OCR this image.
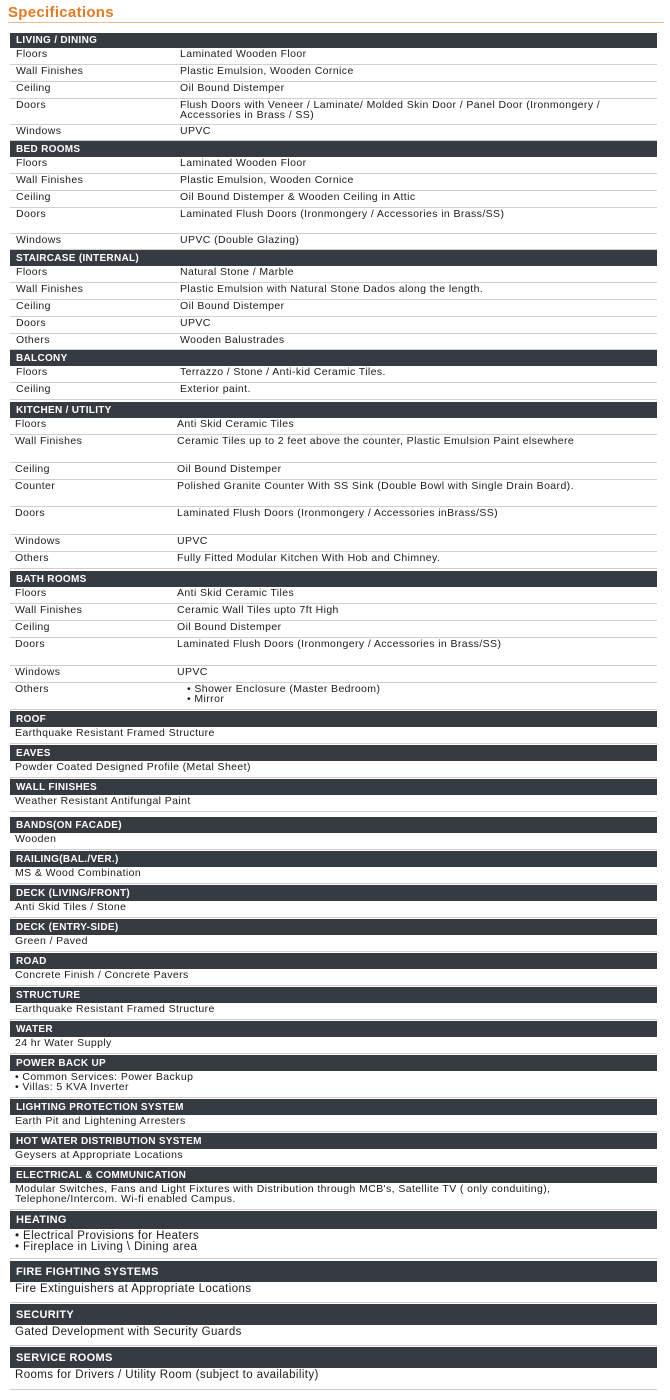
Specifications
LIVING / DINING
Floors	Laminated Wooden Floor
Wall Finishes	Plastic Emulsion, Wooden Cornice
Ceiling	Oil Bound Distemper
Doors	Flush Doors with Veneer / Laminate/ Molded Skin Door / Panel Door (Ironmongery / Accessories in Brass / SS)
Windows	UPVC
BED ROOMS
Floors	Laminated Wooden Floor
Wall Finishes	Plastic Emulsion, Wooden Cornice
Ceiling	Oil Bound Distemper & Wooden Ceiling in Attic
Doors	Laminated Flush Doors (Ironmongery / Accessories in Brass/SS)
Windows	UPVC (Double Glazing)
STAIRCASE (INTERNAL)
Floors	Natural Stone / Marble
Wall Finishes	Plastic Emulsion with Natural Stone Dados along the length.
Ceiling	Oil Bound Distemper
Doors	UPVC
Others	Wooden Balustrades
BALCONY
Floors	Terrazzo / Stone / Anti-kid Ceramic Tiles.
Ceiling	Exterior paint.
KITCHEN / UTILITY
Floors	Anti Skid Ceramic Tiles
Wall Finishes	Ceramic Tiles up to 2 feet above the counter, Plastic Emulsion Paint elsewhere
Ceiling	Oil Bound Distemper
Counter	Polished Granite Counter With SS Sink (Double Bowl with Single Drain Board).
Doors	Laminated Flush Doors (Ironmongery / Accessories inBrass/SS)
Windows	UPVC
Others	Fully Fitted Modular Kitchen With Hob and Chimney.
BATH ROOMS
Floors	Anti Skid Ceramic Tiles
Wall Finishes	Ceramic Wall Tiles upto 7ft High
Ceiling	Oil Bound Distemper
Doors	Laminated Flush Doors (Ironmongery / Accessories in Brass/SS)
Windows	UPVC
Others
•	Shower Enclosure (Master Bedroom)
• Mirror
ROOF
Earthquake Resistant Framed Structure
EAVES
Powder Coated Designed Profile (Metal Sheet)
WALL FINISHES
Weather Resistant Antifungal Paint
BANDS(ON FACADE)
Wooden
RAILING(BAL./VER.)
MS & Wood Combination
DECK (LIVING/FRONT)
Anti Skid Tiles / Stone
DECK (ENTRY-SIDE)
Green / Paved
ROAD
Concrete Finish / Concrete Pavers
STRUCTURE
Earthquake Resistant Framed Structure
WATER
24 hr Water Supply
POWER BACK UP
• Common Services: Power Backup
• Villas: 5 KVA Inverter
LIGHTING PROTECTION SYSTEM
Earth Pit and Lightening Arresters
HOT WATER DISTRIBUTION SYSTEM
Geysers at Appropriate Locations
ELECTRICAL & COMMUNICATION
Modular Switches, Fans and Light Fixtures with Distribution through MCB's, Satellite TV ( only conduiting), Telephone/Intercom. Wi-fi enabled Campus.
HEATING
• Electrical Provisions for Heaters
• Fireplace in Living \ Dining area
FIRE FIGHTING SYSTEMS
Fire Extinguishers at Appropriate Locations
SECURITY
Gated Development with Security Guards
SERVICE ROOMS
Rooms for Drivers / Utility Room (subject to availability)
